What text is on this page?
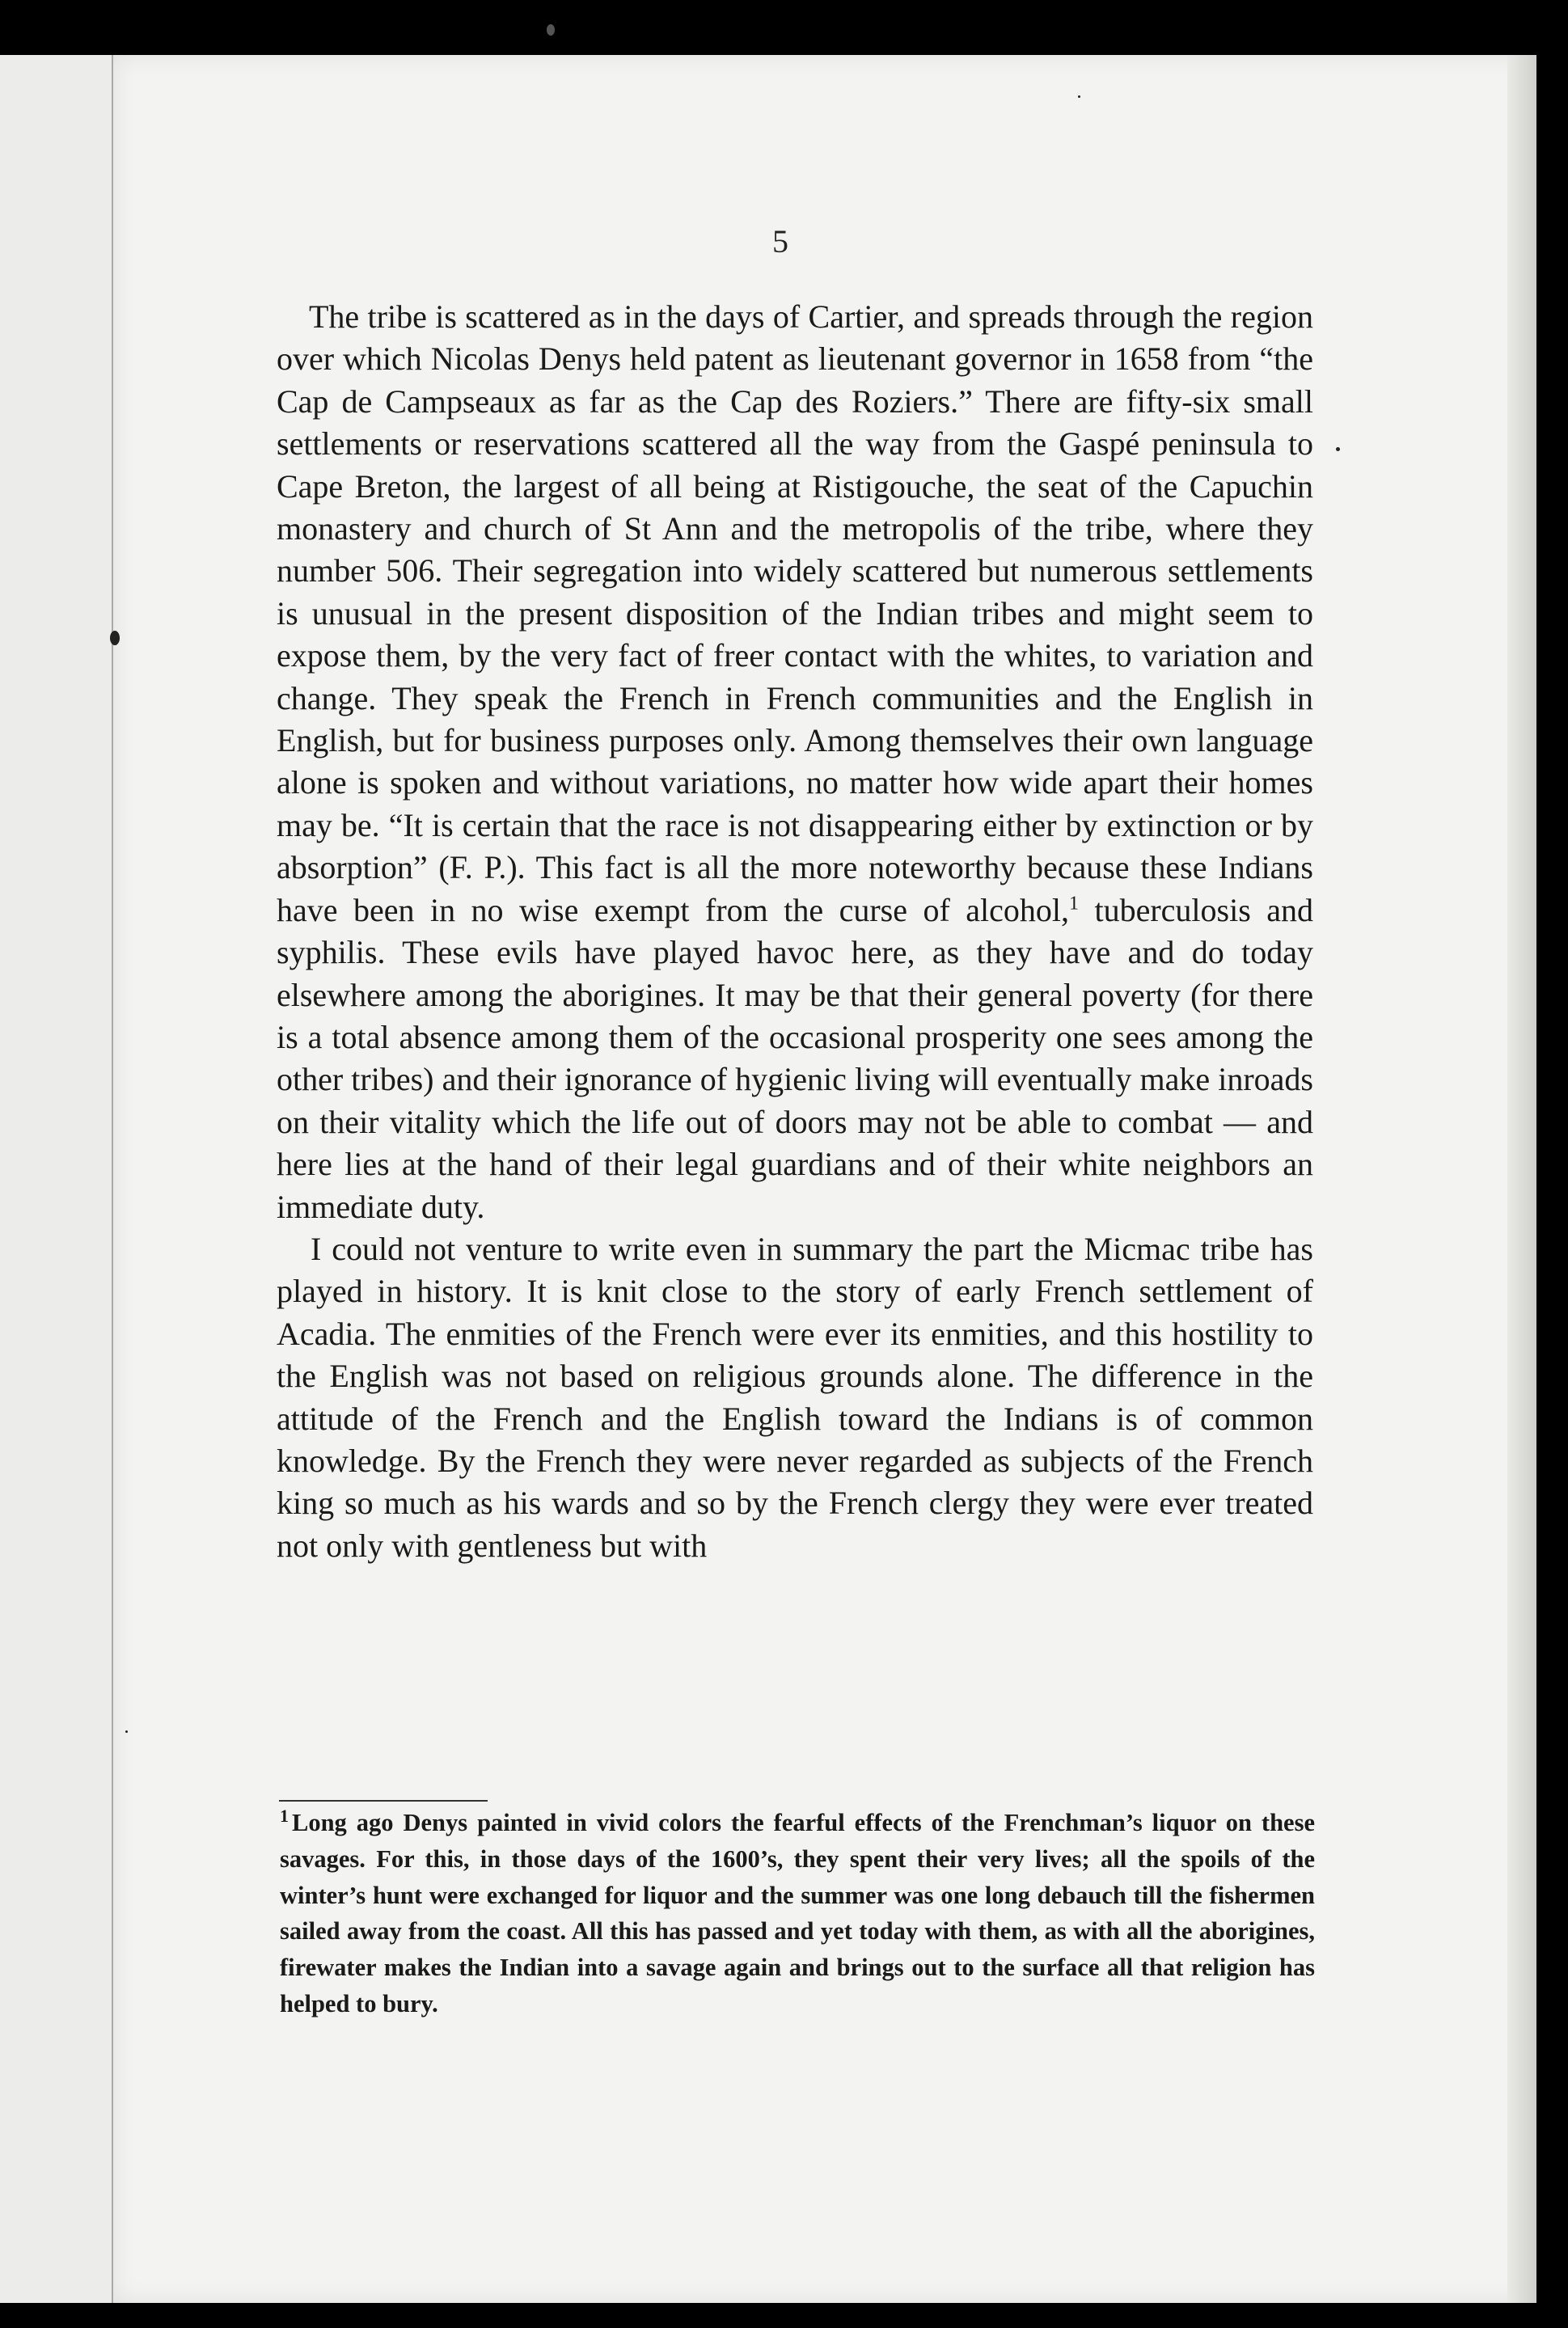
5

The tribe is scattered as in the days of Cartier, and spreads through the region over which Nicolas Denys held patent as lieutenant governor in 1658 from “the Cap de Campseaux as far as the Cap des Roziers.” There are fifty-six small settlements or reservations scattered all the way from the Gaspé peninsula to Cape Breton, the largest of all being at Ristigouche, the seat of the Capuchin monastery and church of St Ann and the metropolis of the tribe, where they number 506. Their segregation into widely scattered but numerous settlements is unusual in the present disposition of the Indian tribes and might seem to expose them, by the very fact of freer contact with the whites, to variation and change. They speak the French in French communities and the English in English, but for business purposes only. Among themselves their own language alone is spoken and without variations, no matter how wide apart their homes may be. “It is certain that the race is not disappearing either by extinction or by absorption” (F. P.). This fact is all the more noteworthy because these Indians have been in no wise exempt from the curse of alcohol,$^1$ tuberculosis and syphilis. These evils have played havoc here, as they have and do today elsewhere among the aborigines. It may be that their general poverty (for there is a total absence among them of the occasional prosperity one sees among the other tribes) and their ignorance of hygienic living will eventually make inroads on their vitality which the life out of doors may not be able to combat — and here lies at the hand of their legal guardians and of their white neighbors an immediate duty.

I could not venture to write even in summary the part the Micmac tribe has played in history. It is knit close to the story of early French settlement of Acadia. The enmities of the French were ever its enmities, and this hostility to the English was not based on religious grounds alone. The difference in the attitude of the French and the English toward the Indians is of common knowledge. By the French they were never regarded as subjects of the French king so much as his wards and so by the French clergy they were ever treated not only with gentleness but with

$^1$ Long ago Denys painted in vivid colors the fearful effects of the Frenchman’s liquor on these savages. For this, in those days of the 1600’s, they spent their very lives; all the spoils of the winter’s hunt were exchanged for liquor and the summer was one long debauch till the fishermen sailed away from the coast. All this has passed and yet today with them, as with all the aborigines, firewater makes the Indian into a savage again and brings out to the surface all that religion has helped to bury.
